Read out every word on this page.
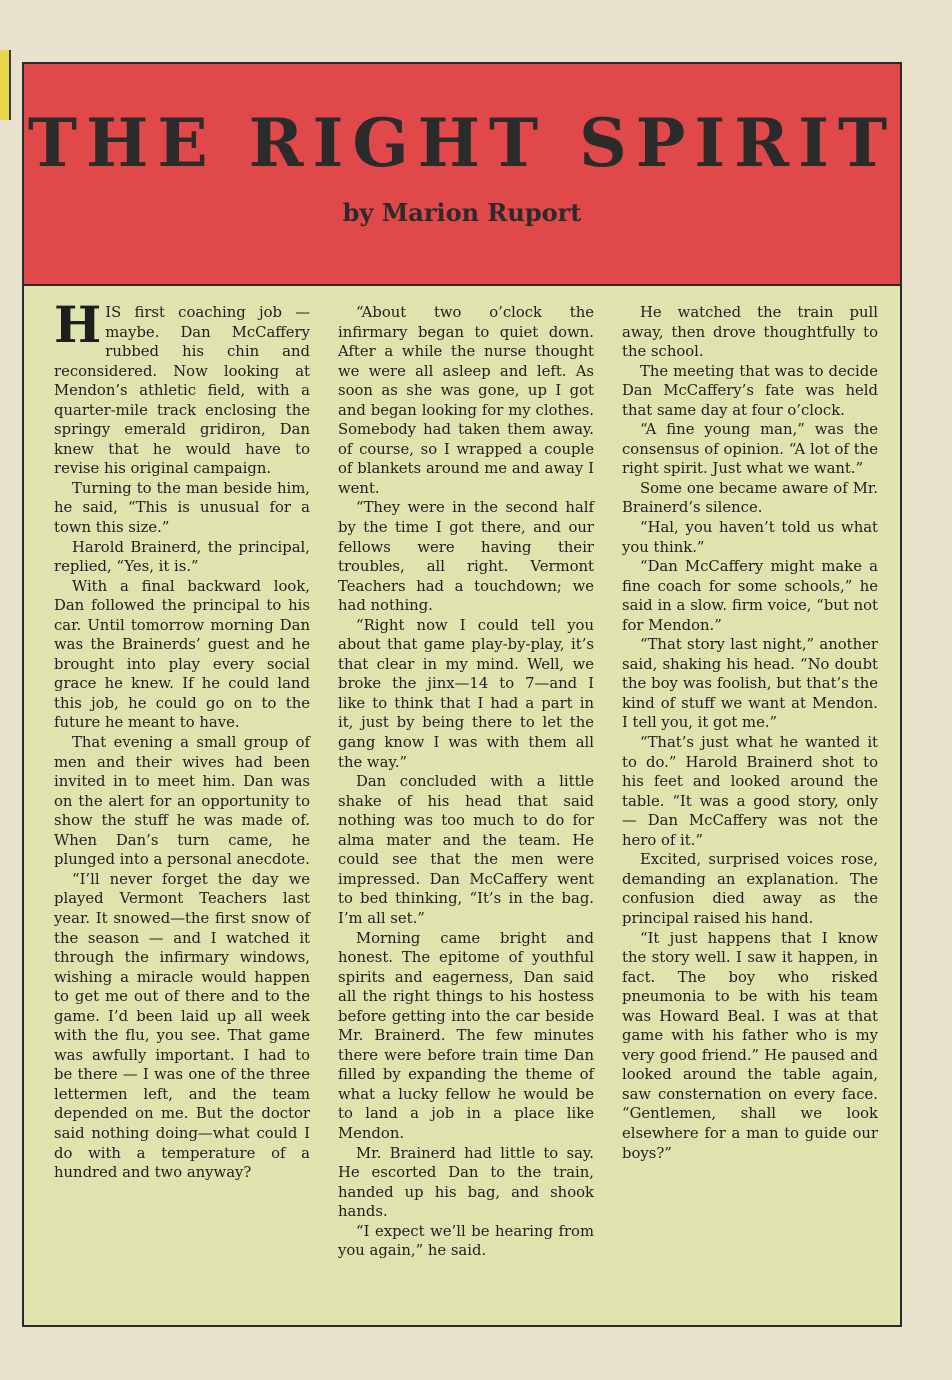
THE RIGHT SPIRIT
by Marion Ruport

HIS first coaching job — maybe. Dan McCaffery rubbed his chin and reconsidered. Now looking at Mendon’s athletic field, with a quarter-mile track enclosing the springy emerald gridiron, Dan knew that he would have to revise his original campaign.

Turning to the man beside him, he said, “This is unusual for a town this size.”

Harold Brainerd, the principal, replied, “Yes, it is.”

With a final backward look, Dan followed the principal to his car. Until tomorrow morning Dan was the Brainerds’ guest and he brought into play every social grace he knew. If he could land this job, he could go on to the future he meant to have.

That evening a small group of men and their wives had been invited in to meet him. Dan was on the alert for an opportunity to show the stuff he was made of. When Dan’s turn came, he plunged into a personal anecdote.

“I’ll never forget the day we played Vermont Teachers last year. It snowed—the first snow of the season — and I watched it through the infirmary windows, wishing a miracle would happen to get me out of there and to the game. I’d been laid up all week with the flu, you see. That game was awfully important. I had to be there — I was one of the three lettermen left, and the team depended on me. But the doctor said nothing doing—what could I do with a temperature of a hundred and two anyway?

“About two o’clock the infirmary began to quiet down. After a while the nurse thought we were all asleep and left. As soon as she was gone, up I got and began looking for my clothes. Somebody had taken them away. of course, so I wrapped a couple of blankets around me and away I went.

“They were in the second half by the time I got there, and our fellows were having their troubles, all right. Vermont Teachers had a touchdown; we had nothing.

“Right now I could tell you about that game play-by-play, it’s that clear in my mind. Well, we broke the jinx—14 to 7—and I like to think that I had a part in it, just by being there to let the gang know I was with them all the way.”

Dan concluded with a little shake of his head that said nothing was too much to do for alma mater and the team. He could see that the men were impressed. Dan McCaffery went to bed thinking, “It’s in the bag. I’m all set.”

Morning came bright and honest. The epitome of youthful spirits and eagerness, Dan said all the right things to his hostess before getting into the car beside Mr. Brainerd. The few minutes there were before train time Dan filled by expanding the theme of what a lucky fellow he would be to land a job in a place like Mendon.

Mr. Brainerd had little to say. He escorted Dan to the train, handed up his bag, and shook hands.

“I expect we’ll be hearing from you again,” he said.

He watched the train pull away, then drove thoughtfully to the school.

The meeting that was to decide Dan McCaffery’s fate was held that same day at four o’clock.

“A fine young man,” was the consensus of opinion. “A lot of the right spirit. Just what we want.”

Some one became aware of Mr. Brainerd’s silence.

“Hal, you haven’t told us what you think.”

“Dan McCaffery might make a fine coach for some schools,” he said in a slow. firm voice, “but not for Mendon.”

“That story last night,” another said, shaking his head. “No doubt the boy was foolish, but that’s the kind of stuff we want at Mendon. I tell you, it got me.”

“That’s just what he wanted it to do.” Harold Brainerd shot to his feet and looked around the table. “It was a good story, only — Dan McCaffery was not the hero of it.”

Excited, surprised voices rose, demanding an explanation. The confusion died away as the principal raised his hand.

“It just happens that I know the story well. I saw it happen, in fact. The boy who risked pneumonia to be with his team was Howard Beal. I was at that game with his father who is my very good friend.” He paused and looked around the table again, saw consternation on every face. “Gentlemen, shall we look elsewhere for a man to guide our boys?”
